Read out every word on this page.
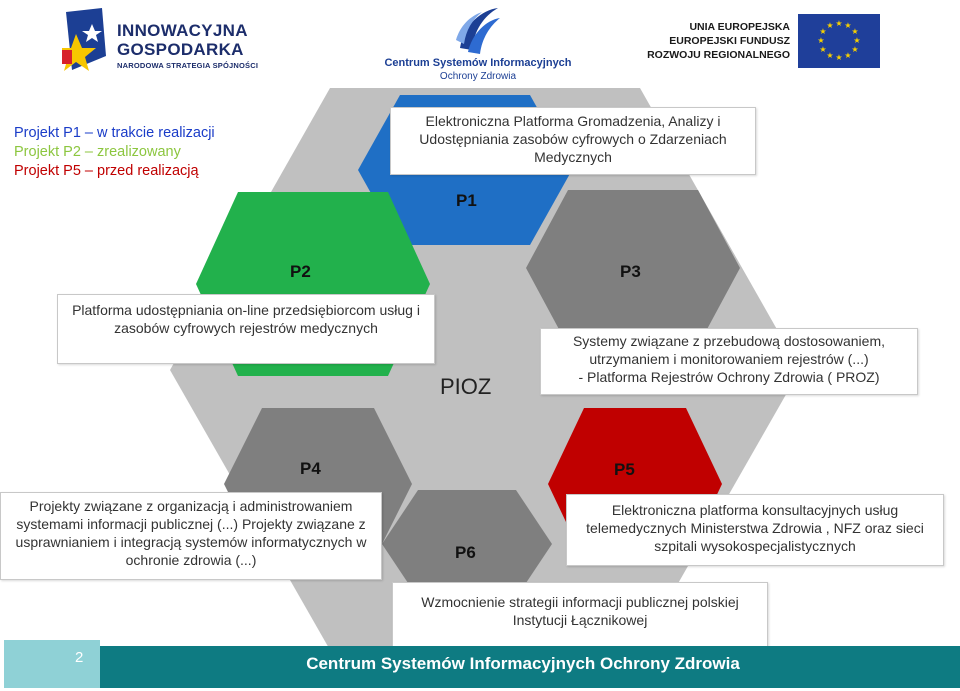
INNOWACYJNA
GOSPODARKA
NARODOWA STRATEGIA SPÓJNOŚCI	Centrum Systemów Informacyjnych
Ochrony Zdrowia
UNIA EUROPEJSKA
EUROPEJSKI FUNDUSZ
ROZWOJU REGIONALNEGO
★ ★
★
★
★
★
★
★
★
★
★
★
Projekt P1 – w trakcie realizacji
Projekt P2 – zrealizowany
Projekt P5 – przed realizacją
P1
P2	P3
P4	P5
P6
PIOZ
Elektroniczna Platforma Gromadzenia, Analizy i Udostępniania zasobów cyfrowych o Zdarzeniach Medycznych
Platforma udostępniania on-line przedsiębiorcom usług i zasobów cyfrowych rejestrów medycznych
Systemy związane z przebudową dostosowaniem,
utrzymaniem i monitorowaniem rejestrów (...)
- Platforma Rejestrów Ochrony Zdrowia ( PROZ)
Projekty związane z organizacją i administrowaniem systemami informacji publicznej (...) Projekty związane z usprawnianiem i integracją systemów informatycznych w ochronie zdrowia (...)
Elektroniczna platforma konsultacyjnych usług telemedycznych Ministerstwa Zdrowia , NFZ oraz sieci szpitali wysokospecjalistycznych
Wzmocnienie strategii informacji publicznej polskiej Instytucji Łącznikowej
2	Centrum Systemów Informacyjnych Ochrony Zdrowia
